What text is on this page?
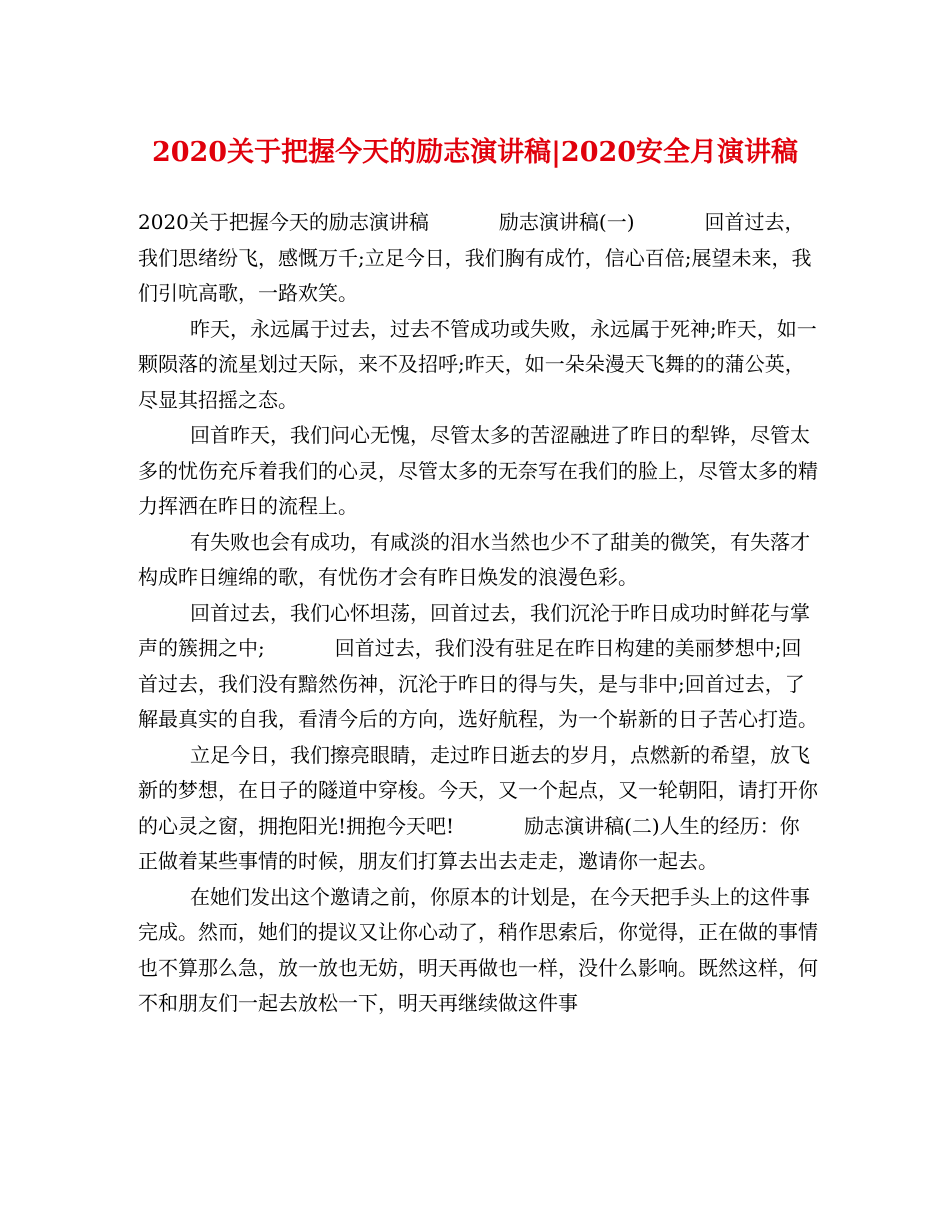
2020关于把握今天的励志演讲稿|2020安全月演讲稿

2020关于把握今天的励志演讲稿	励志演讲稿(一)	回首过去，我们思绪纷飞，感慨万千;立足今日，我们胸有成竹，信心百倍;展望未来，我们引吭高歌，一路欢笑。

昨天，永远属于过去，过去不管成功或失败，永远属于死神;昨天，如一颗陨落的流星划过天际，来不及招呼;昨天，如一朵朵漫天飞舞的的蒲公英，尽显其招摇之态。

回首昨天，我们问心无愧，尽管太多的苦涩融进了昨日的犁铧，尽管太多的忧伤充斥着我们的心灵，尽管太多的无奈写在我们的脸上，尽管太多的精力挥洒在昨日的流程上。

有失败也会有成功，有咸淡的泪水当然也少不了甜美的微笑，有失落才构成昨日缠绵的歌，有忧伤才会有昨日焕发的浪漫色彩。

回首过去，我们心怀坦荡，回首过去，我们沉沦于昨日成功时鲜花与掌声的簇拥之中;	回首过去，我们没有驻足在昨日构建的美丽梦想中;回首过去，我们没有黯然伤神，沉沦于昨日的得与失，是与非中;回首过去，了解最真实的自我，看清今后的方向，选好航程，为一个崭新的日子苦心打造。

立足今日，我们擦亮眼睛，走过昨日逝去的岁月，点燃新的希望，放飞新的梦想，在日子的隧道中穿梭。今天，又一个起点，又一轮朝阳，请打开你的心灵之窗，拥抱阳光!拥抱今天吧!	励志演讲稿(二)人生的经历：你正做着某些事情的时候，朋友们打算去出去走走，邀请你一起去。

在她们发出这个邀请之前，你原本的计划是，在今天把手头上的这件事完成。然而，她们的提议又让你心动了，稍作思索后，你觉得，正在做的事情也不算那么急，放一放也无妨，明天再做也一样，没什么影响。既然这样，何不和朋友们一起去放松一下，明天再继续做这件事
